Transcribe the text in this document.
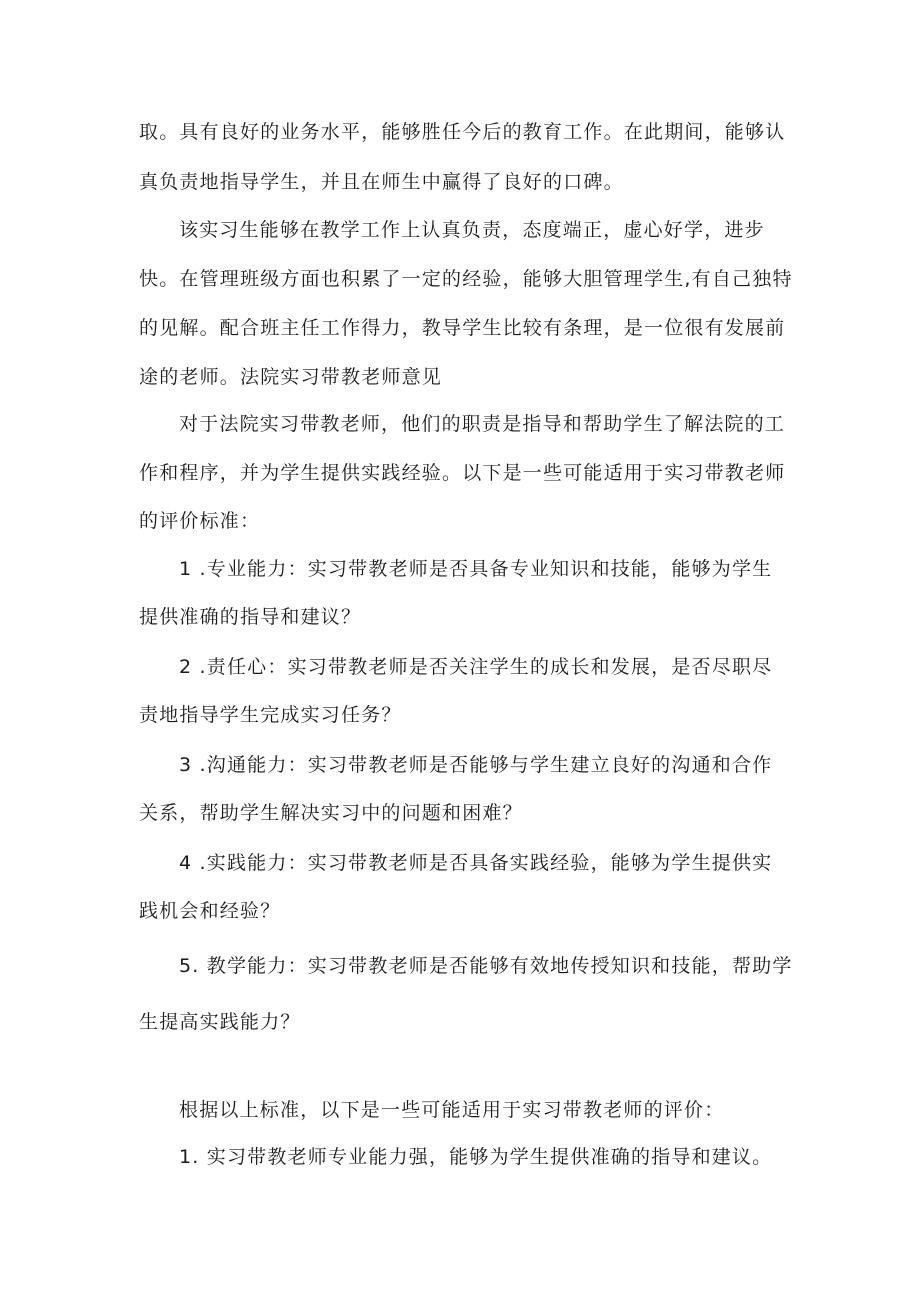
取。具有良好的业务水平，能够胜任今后的教育工作。在此期间，能够认
真负责地指导学生，并且在师生中赢得了良好的口碑。
该实习生能够在教学工作上认真负责，态度端正，虚心好学，进步
快。在管理班级方面也积累了一定的经验，能够大胆管理学生,有自己独特
的见解。配合班主任工作得力，教导学生比较有条理，是一位很有发展前
途的老师。法院实习带教老师意见
对于法院实习带教老师，他们的职责是指导和帮助学生了解法院的工
作和程序，并为学生提供实践经验。以下是一些可能适用于实习带教老师
的评价标准：
1 .专业能力：实习带教老师是否具备专业知识和技能，能够为学生
提供准确的指导和建议？
2 .责任心：实习带教老师是否关注学生的成长和发展，是否尽职尽
责地指导学生完成实习任务？
3 .沟通能力：实习带教老师是否能够与学生建立良好的沟通和合作
关系，帮助学生解决实习中的问题和困难？
4 .实践能力：实习带教老师是否具备实践经验，能够为学生提供实
践机会和经验？
5. 教学能力：实习带教老师是否能够有效地传授知识和技能，帮助学
生提高实践能力？
根据以上标准，以下是一些可能适用于实习带教老师的评价：
1. 实习带教老师专业能力强，能够为学生提供准确的指导和建议。
